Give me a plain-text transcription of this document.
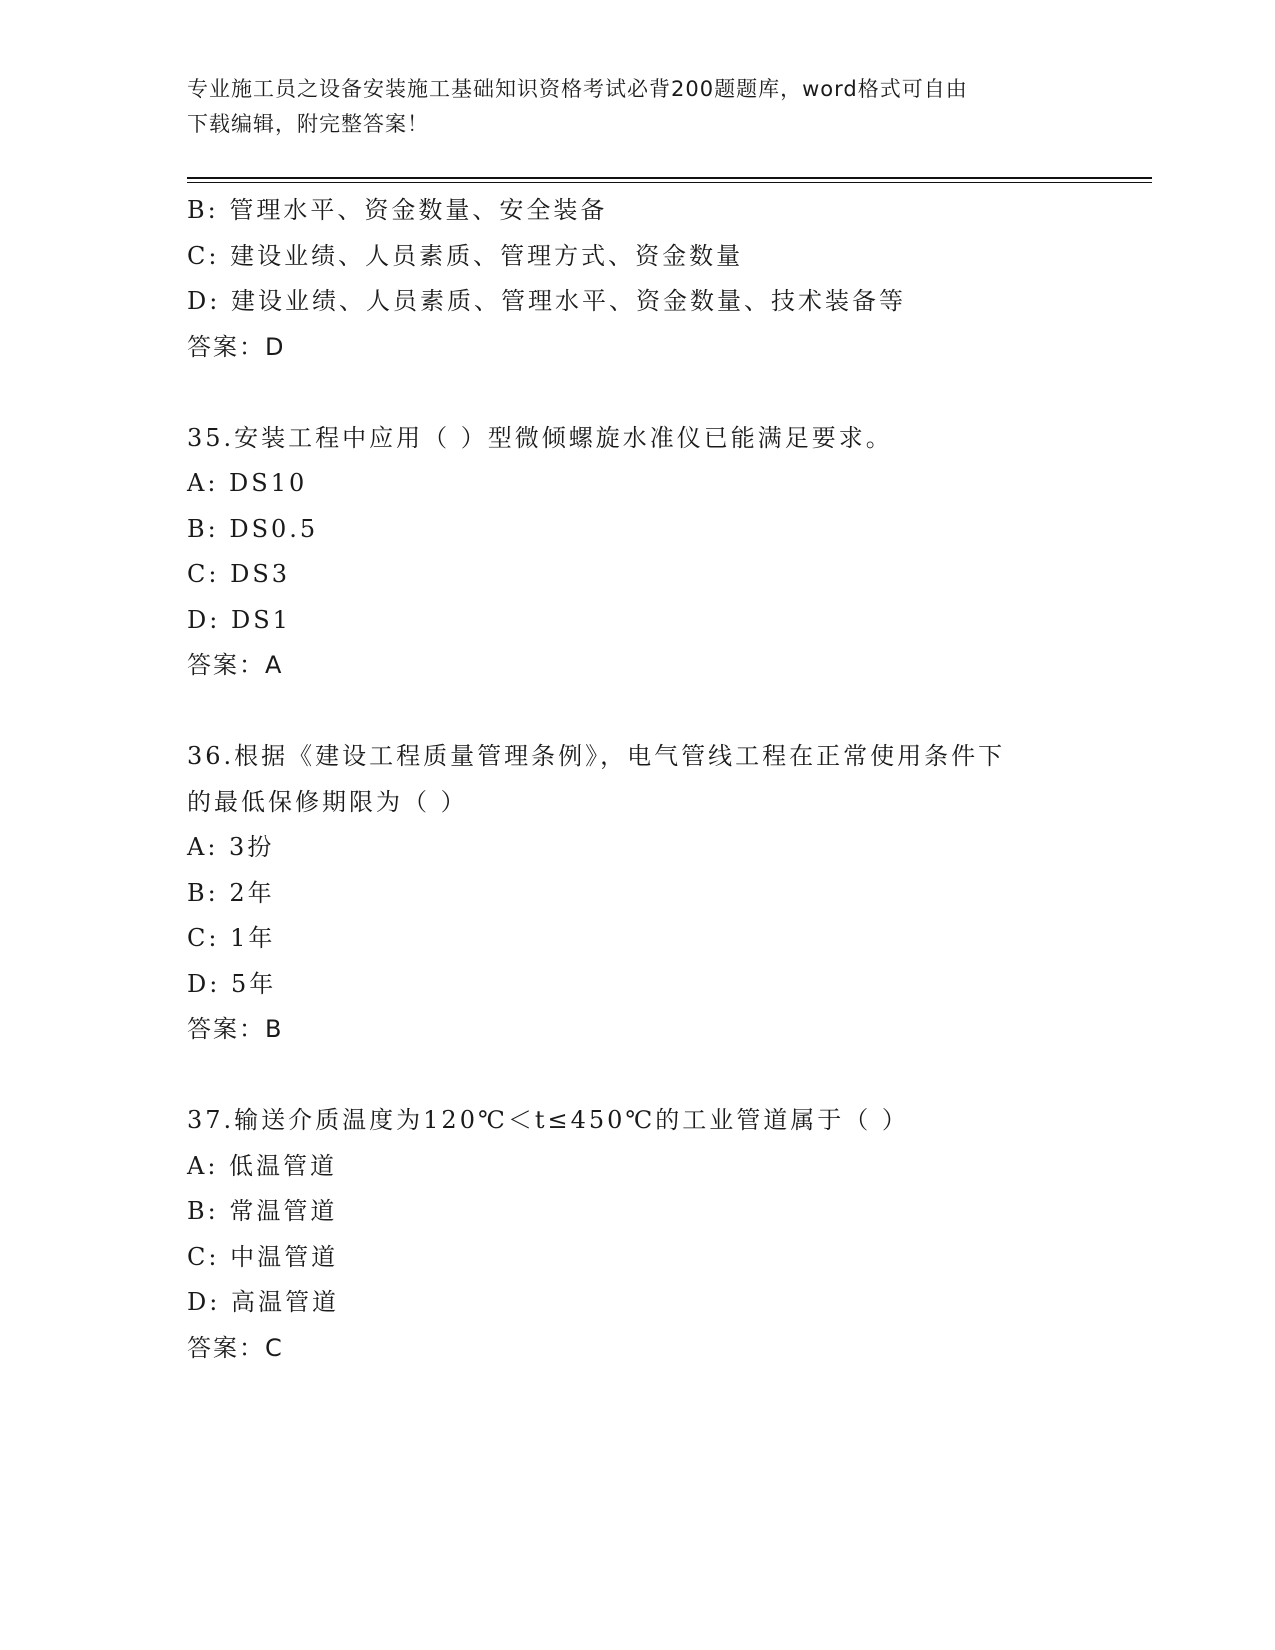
专业施工员之设备安装施工基础知识资格考试必背200题题库，word格式可自由
下载编辑，附完整答案！
B: 管理水平、资金数量、安全装备
C: 建设业绩、人员素质、管理方式、资金数量
D: 建设业绩、人员素质、管理水平、资金数量、技术装备等
答案：D
35.安装工程中应用（ ）型微倾螺旋水准仪已能满足要求。
A: DS10
B: DS0.5
C: DS3
D: DS1
答案：A
36.根据《建设工程质量管理条例》，电气管线工程在正常使用条件下
的最低保修期限为（ ）
A: 3扮
B: 2年
C: 1年
D: 5年
答案：B
37.输送介质温度为120℃＜t≤450℃的工业管道属于（ ）
A: 低温管道
B: 常温管道
C: 中温管道
D: 高温管道
答案：C
